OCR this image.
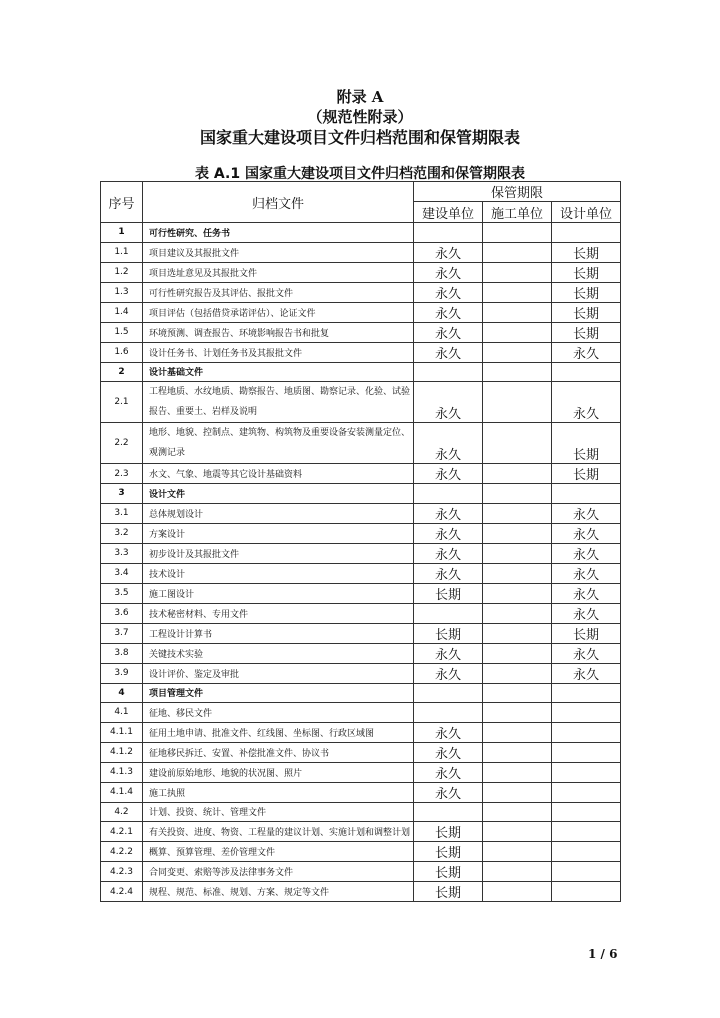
附录 A
（规范性附录）
国家重大建设项目文件归档范围和保管期限表
表 A.1 国家重大建设项目文件归档范围和保管期限表
序号	归档文件	保管期限		
		建设单位	施工单位	设计单位
1	可行性研究、任务书			
1.1	项目建议及其报批文件	永久		长期
1.2	项目选址意见及其报批文件	永久		长期
1.3	可行性研究报告及其评估、报批文件	永久		长期
1.4	项目评估（包括借贷承诺评估）、论证文件	永久		长期
1.5	环境预测、调查报告、环境影响报告书和批复	永久		长期
1.6	设计任务书、计划任务书及其报批文件	永久		永久
2	设计基础文件			
2.1	工程地质、水纹地质、勘察报告、地质图、勘察记录、化验、试验报告、重要土、岩样及说明	永久		永久
2.2	地形、地貌、控制点、建筑物、构筑物及重要设备安装测量定位、观测记录	永久		长期
2.3	水文、气象、地震等其它设计基础资料	永久		长期
3	设计文件			
3.1	总体规划设计	永久		永久
3.2	方案设计	永久		永久
3.3	初步设计及其报批文件	永久		永久
3.4	技术设计	永久		永久
3.5	施工图设计	长期		永久
3.6	技术秘密材料、专用文件			永久
3.7	工程设计计算书	长期		长期
3.8	关键技术实验	永久		永久
3.9	设计评价、鉴定及审批	永久		永久
4	项目管理文件			
4.1	征地、移民文件			
4.1.1	征用土地申请、批准文件、红线图、坐标图、行政区域图	永久		
4.1.2	征地移民拆迁、安置、补偿批准文件、协议书	永久		
4.1.3	建设前原始地形、地貌的状况图、照片	永久		
4.1.4	施工执照	永久		
4.2	计划、投资、统计、管理文件			
4.2.1	有关投资、进度、物资、工程量的建议计划、实施计划和调整计划	长期		
4.2.2	概算、预算管理、差价管理文件	长期		
4.2.3	合同变更、索赔等涉及法律事务文件	长期		
4.2.4	规程、规范、标准、规划、方案、规定等文件	长期		
1 / 6
